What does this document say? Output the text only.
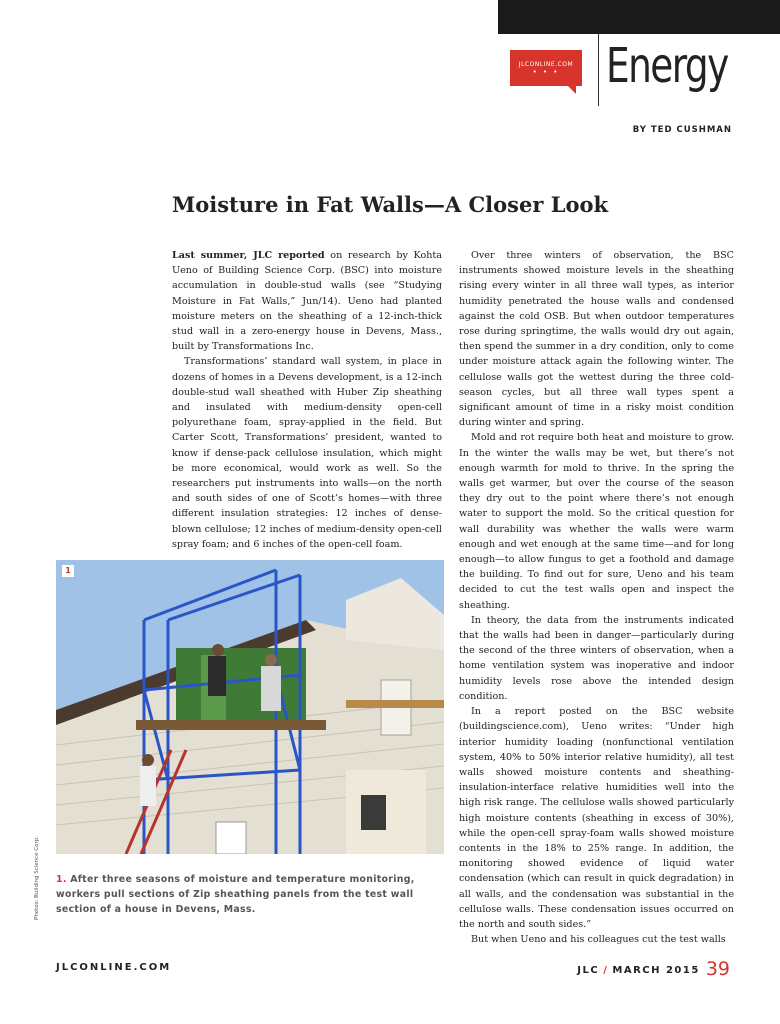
JLCONLINE.COM
• • • Energy
BY TED CUSHMAN
Moisture in Fat Walls—A Closer Look

Last summer, JLC reported on research by Kohta Ueno of Building Science Corp. (BSC) into moisture accumulation in double-stud walls (see “Studying Moisture in Fat Walls,” Jun/14). Ueno had planted moisture meters on the sheathing of a 12-inch-thick stud wall in a zero-energy house in Devens, Mass., built by Transformations Inc.

Transformations’ standard wall system, in place in dozens of homes in a Devens development, is a 12-inch double-stud wall sheathed with Huber Zip sheathing and insulated with medium-density open-cell polyurethane foam, spray-applied in the field. But Carter Scott, Transformations’ president, wanted to know if dense-pack cellulose insulation, which might be more economical, would work as well. So the researchers put instruments into walls—on the north and south sides of one of Scott’s homes—with three different insulation strategies: 12 inches of dense-blown cellulose; 12 inches of medium-density open-cell spray foam; and 6 inches of the open-cell foam.

Over three winters of observation, the BSC instruments showed moisture levels in the sheathing rising every winter in all three wall types, as interior humidity penetrated the house walls and condensed against the cold OSB. But when outdoor temperatures rose during springtime, the walls would dry out again, then spend the summer in a dry condition, only to come under moisture attack again the following winter. The cellulose walls got the wettest during the three cold-season cycles, but all three wall types spent a significant amount of time in a risky moist condition during winter and spring.

Mold and rot require both heat and moisture to grow. In the winter the walls may be wet, but there’s not enough warmth for mold to thrive. In the spring the walls get warmer, but over the course of the season they dry out to the point where there’s not enough water to support the mold. So the critical question for wall durability was whether the walls were warm enough and wet enough at the same time—and for long enough—to allow fungus to get a foothold and damage the building. To find out for sure, Ueno and his team decided to cut the test walls open and inspect the sheathing.

In theory, the data from the instruments indicated that the walls had been in danger—particularly during the second of the three winters of observation, when a home ventilation system was inoperative and indoor humidity levels rose above the intended design condition.

In a report posted on the BSC website (buildingscience.com), Ueno writes: “Under high interior humidity loading (nonfunctional ventilation system, 40% to 50% interior relative humidity), all test walls showed moisture contents and sheathing-insulation-interface relative humidities well into the high risk range. The cellulose walls showed particularly high moisture contents (sheathing in excess of 30%), while the open-cell spray-foam walls showed moisture contents in the 18% to 25% range. In addition, the monitoring showed evidence of liquid water condensation (which can result in quick degradation) in all walls, and the condensation was substantial in the cellulose walls. These condensation issues occurred on the north and south sides.”

But when Ueno and his colleagues cut the test walls

1
Photos: Building Science Corp. 1. After three seasons of moisture and temperature monitoring, workers pull sections of Zip sheathing panels from the test wall section of a house in Devens, Mass.
JLCONLINE.COM	JLC / MARCH 2015 39
